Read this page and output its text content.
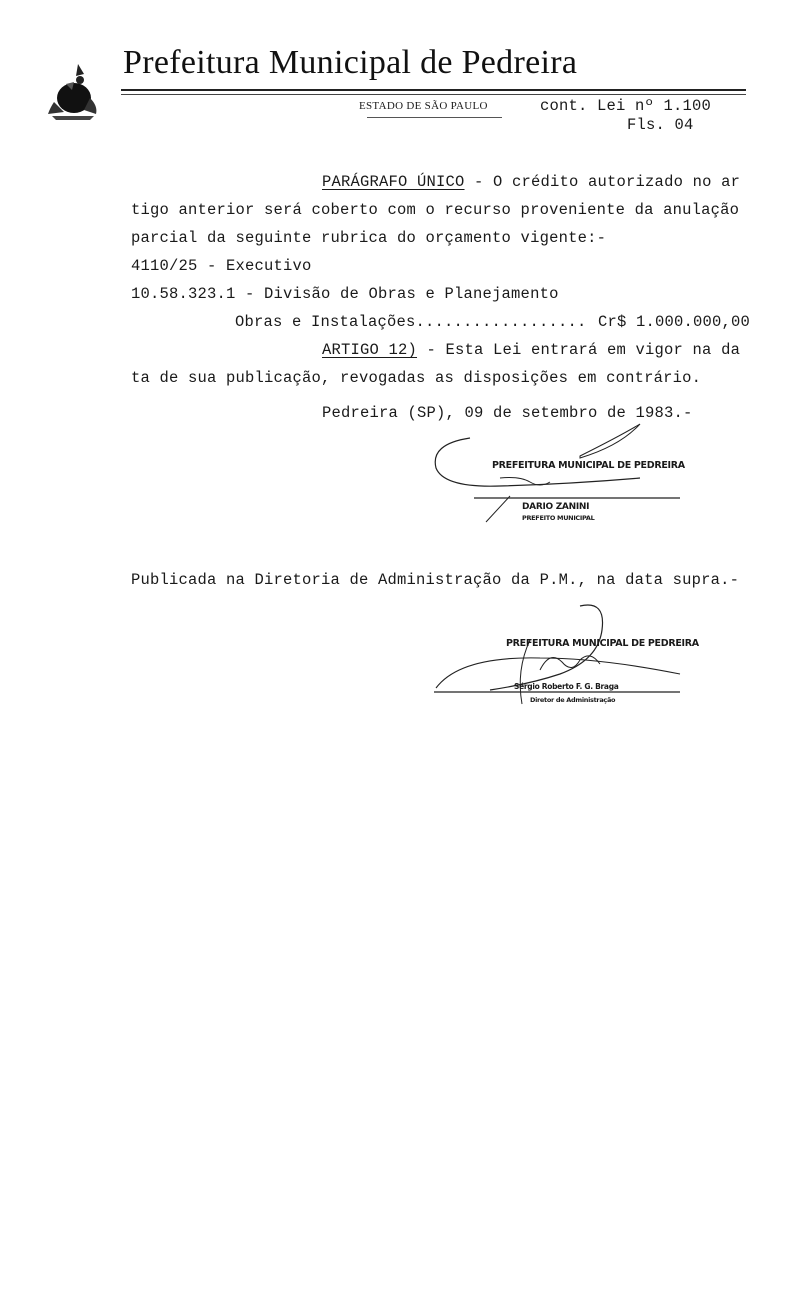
Prefeitura Municipal de Pedreira
ESTADO DE SÃO PAULO	cont. Lei nº 1.100
Fls. 04
PARÁGRAFO ÚNICO - O crédito autorizado no ar
tigo anterior será coberto com o recurso proveniente da anulação
parcial da seguinte rubrica do orçamento vigente:-
4110/25 - Executivo
10.58.323.1 - Divisão de Obras e Planejamento
Obras e Instalações.................. Cr$ 1.000.000,00
ARTIGO 12) - Esta Lei entrará em vigor na da
ta de sua publicação, revogadas as disposições em contrário.
Pedreira (SP), 09 de setembro de 1983.-
PREFEITURA MUNICIPAL DE PEDREIRA
DARIO ZANINI
PREFEITO MUNICIPAL
Publicada na Diretoria de Administração da P.M., na data supra.-
PREFEITURA MUNICIPAL DE PEDREIRA
Sérgio Roberto F. G. Braga
Diretor de Administração
